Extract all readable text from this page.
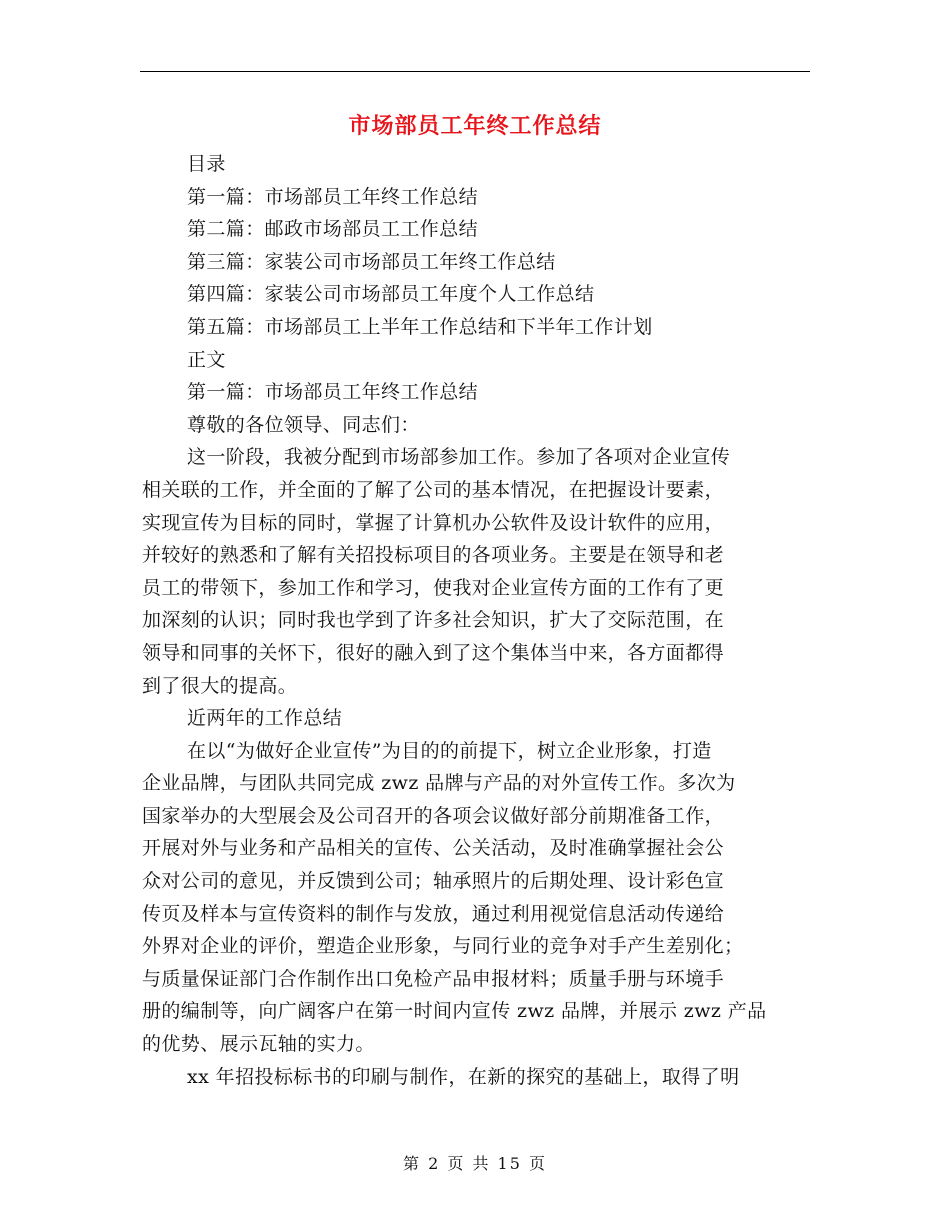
市场部员工年终工作总结
目录
第一篇：市场部员工年终工作总结
第二篇：邮政市场部员工工作总结
第三篇：家装公司市场部员工年终工作总结
第四篇：家装公司市场部员工年度个人工作总结
第五篇：市场部员工上半年工作总结和下半年工作计划
正文
第一篇：市场部员工年终工作总结
尊敬的各位领导、同志们：
这一阶段，我被分配到市场部参加工作。参加了各项对企业宣传
相关联的工作，并全面的了解了公司的基本情况，在把握设计要素，
实现宣传为目标的同时，掌握了计算机办公软件及设计软件的应用，
并较好的熟悉和了解有关招投标项目的各项业务。主要是在领导和老
员工的带领下，参加工作和学习，使我对企业宣传方面的工作有了更
加深刻的认识；同时我也学到了许多社会知识，扩大了交际范围，在
领导和同事的关怀下，很好的融入到了这个集体当中来，各方面都得
到了很大的提高。
近两年的工作总结
在以“为做好企业宣传”为目的的前提下，树立企业形象，打造
企业品牌，与团队共同完成 zwz 品牌与产品的对外宣传工作。多次为
国家举办的大型展会及公司召开的各项会议做好部分前期准备工作，
开展对外与业务和产品相关的宣传、公关活动，及时准确掌握社会公
众对公司的意见，并反馈到公司；轴承照片的后期处理、设计彩色宣
传页及样本与宣传资料的制作与发放，通过利用视觉信息活动传递给
外界对企业的评价，塑造企业形象，与同行业的竞争对手产生差别化；
与质量保证部门合作制作出口免检产品申报材料；质量手册与环境手
册的编制等，向广阔客户在第一时间内宣传 zwz 品牌，并展示 zwz 产品
的优势、展示瓦轴的实力。
xx 年招投标标书的印刷与制作，在新的探究的基础上，取得了明
第 2 页 共 15 页
